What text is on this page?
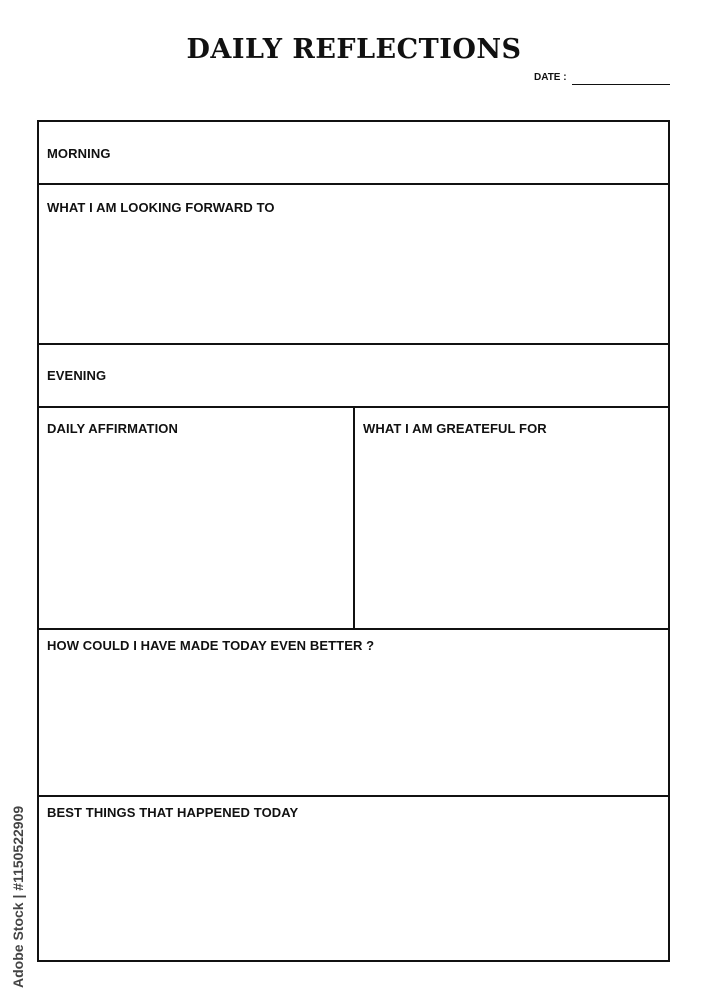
DAILY REFLECTIONS
DATE :
MORNING
WHAT I AM LOOKING FORWARD TO
EVENING
DAILY AFFIRMATION	WHAT I AM GREATEFUL FOR
HOW COULD I HAVE MADE TODAY EVEN BETTER ?
BEST THINGS THAT HAPPENED TODAY
Adobe Stock | #1150522909
